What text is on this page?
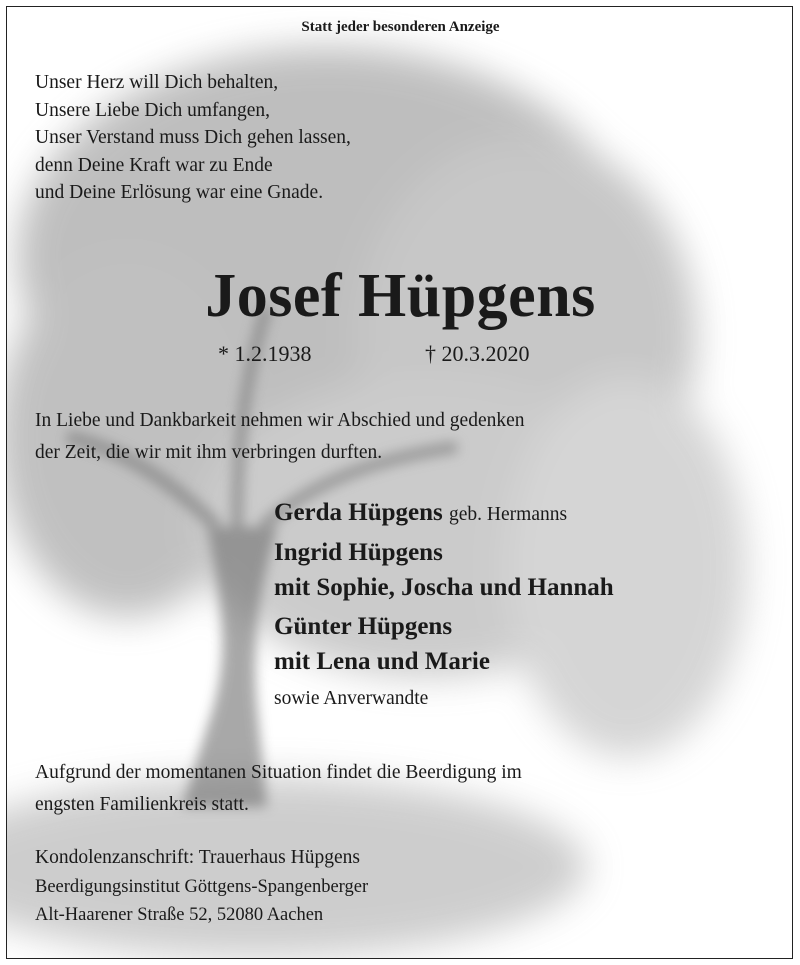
Statt jeder besonderen Anzeige
Unser Herz will Dich behalten,
Unsere Liebe Dich umfangen,
Unser Verstand muss Dich gehen lassen,
denn Deine Kraft war zu Ende
und Deine Erlösung war eine Gnade.
Josef Hüpgens
* 1.2.1938	† 20.3.2020
In Liebe und Dankbarkeit nehmen wir Abschied und gedenken
der Zeit, die wir mit ihm verbringen durften.
Gerda Hüpgens geb. Hermanns
Ingrid Hüpgens
mit Sophie, Joscha und Hannah
Günter Hüpgens
mit Lena und Marie
sowie Anverwandte
Aufgrund der momentanen Situation findet die Beerdigung im
engsten Familienkreis statt.
Kondolenzanschrift: Trauerhaus Hüpgens
Beerdigungsinstitut Göttgens-Spangenberger
Alt-Haarener Straße 52, 52080 Aachen
